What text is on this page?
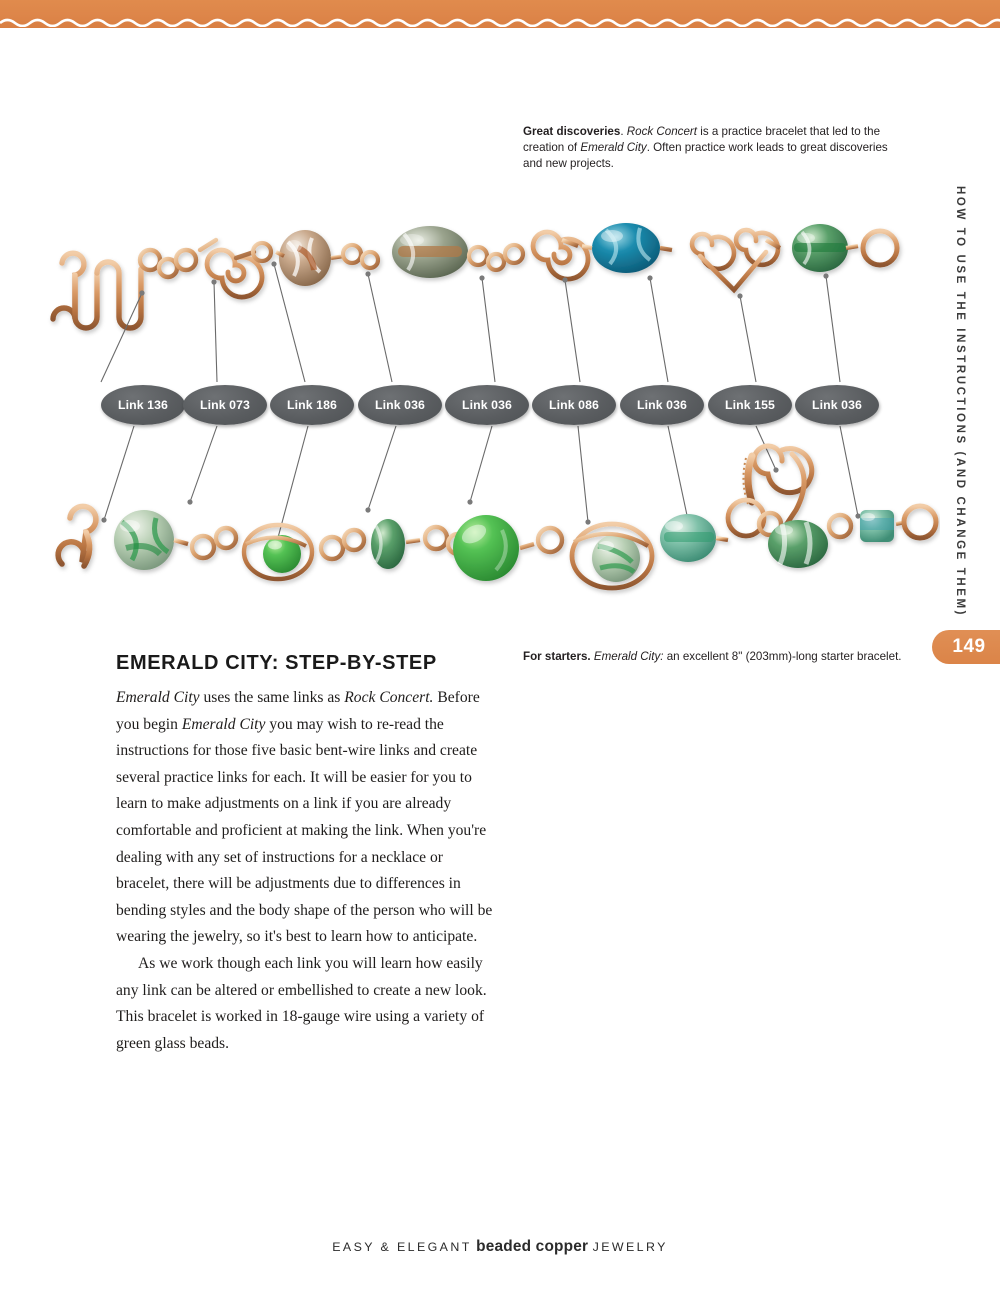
HOW TO USE THE INSTRUCTIONS (AND CHANGE THEM)
149
Great discoveries. Rock Concert is a practice bracelet that led to the creation of Emerald City. Often practice work leads to great discoveries and new projects.
Link 136	Link 073	Link 186	Link 036	Link 036	Link 086	Link 036	Link 155	Link 036
For starters. Emerald City: an excellent 8" (203mm)-long starter bracelet.
EMERALD CITY: STEP-BY-STEP

Emerald City uses the same links as Rock Concert. Before you begin Emerald City you may wish to re-read the instructions for those five basic bent-wire links and create several practice links for each. It will be easier for you to learn to make adjustments on a link if you are already comfortable and proficient at making the link. When you're dealing with any set of instructions for a necklace or bracelet, there will be adjustments due to differences in bending styles and the body shape of the person who will be wearing the jewelry, so it's best to learn how to anticipate.

As we work though each link you will learn how easily any link can be altered or embellished to create a new look. This bracelet is worked in 18-gauge wire using a variety of green glass beads.

EASY & ELEGANT beaded copper JEWELRY
